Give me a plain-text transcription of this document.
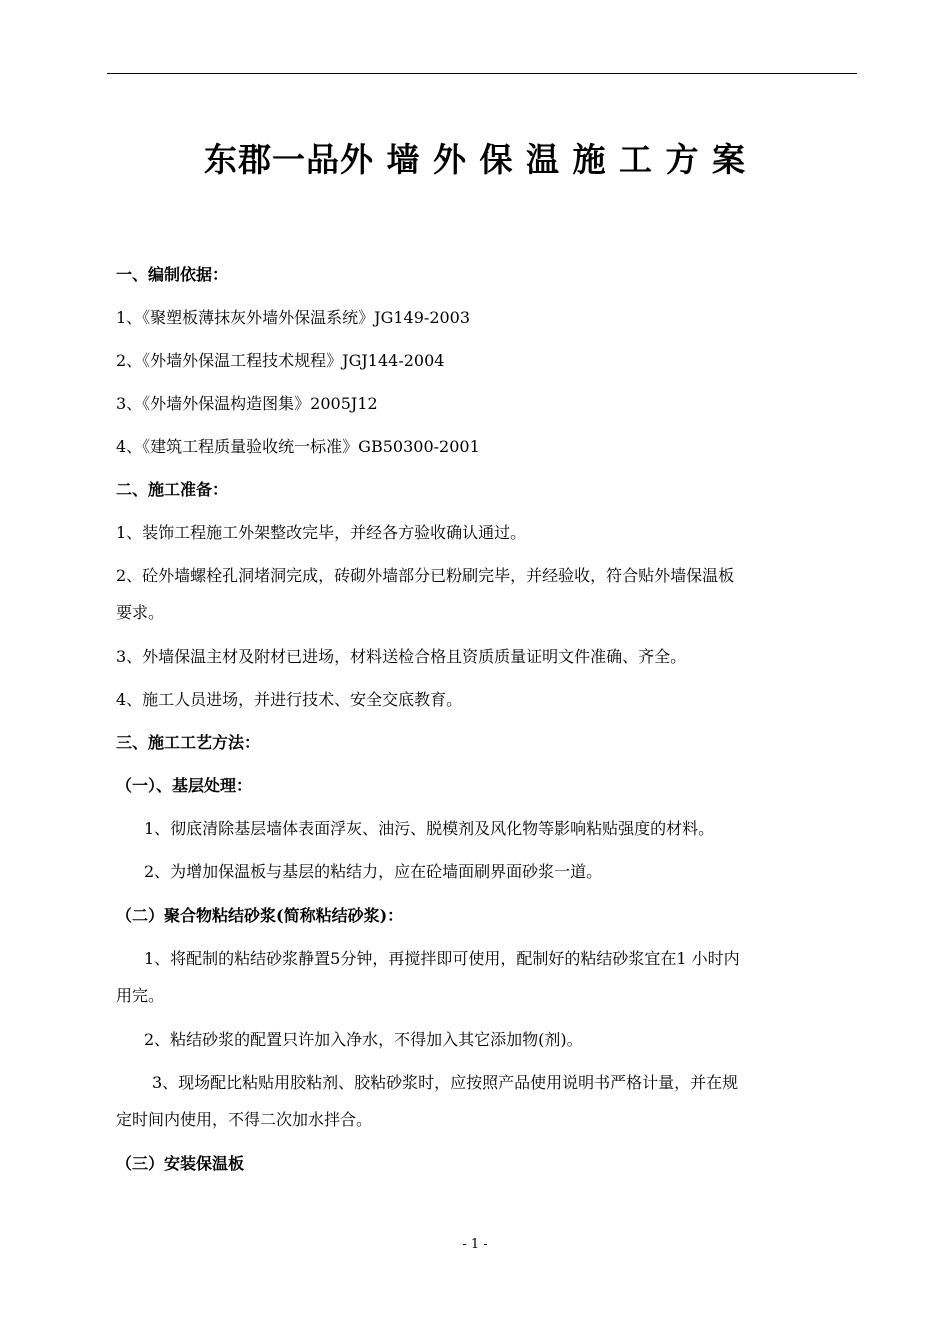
东郡一品外 墙 外 保 温 施 工 方 案

一、编制依据：

1、《聚塑板薄抹灰外墙外保温系统》JG149-2003

2、《外墙外保温工程技术规程》JGJ144-2004

3、《外墙外保温构造图集》2005J12

4、《建筑工程质量验收统一标准》GB50300-2001

二、施工准备：

1、装饰工程施工外架整改完毕，并经各方验收确认通过。

2、砼外墙螺栓孔洞堵洞完成，砖砌外墙部分已粉刷完毕，并经验收，符合贴外墙保温板

要求。

3、外墙保温主材及附材已进场，材料送检合格且资质质量证明文件准确、齐全。

4、施工人员进场，并进行技术、安全交底教育。

三、施工工艺方法：

（一）、基层处理：

1、彻底清除基层墙体表面浮灰、油污、脱模剂及风化物等影响粘贴强度的材料。

2、为增加保温板与基层的粘结力，应在砼墙面刷界面砂浆一道。

（二）聚合物粘结砂浆(简称粘结砂浆)：

1、将配制的粘结砂浆静置5分钟，再搅拌即可使用，配制好的粘结砂浆宜在1 小时内

用完。

2、粘结砂浆的配置只许加入净水，不得加入其它添加物(剂)。

3、现场配比粘贴用胶粘剂、胶粘砂浆时，应按照产品使用说明书严格计量，并在规

定时间内使用，不得二次加水拌合。

（三）安装保温板

- 1 -
